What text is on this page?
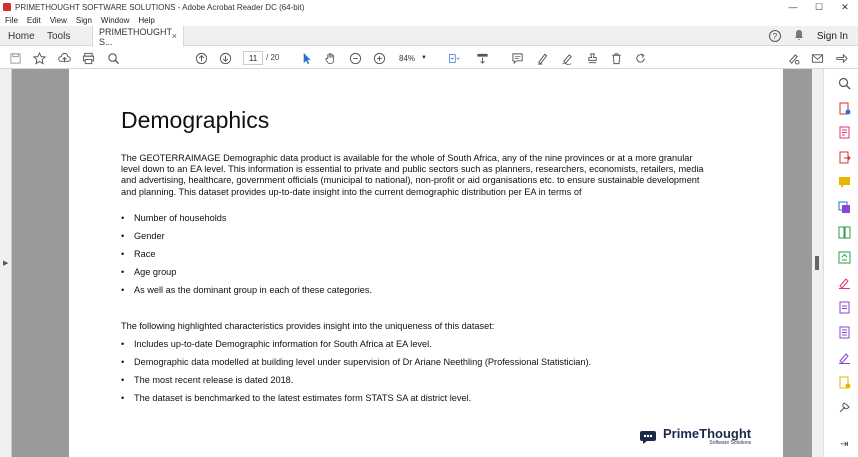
PRIMETHOUGHT SOFTWARE SOLUTIONS - Adobe Acrobat Reader DC (64-bit)	—	☐	✕
File Edit View Sign Window Help
Home Tools	PRIMETHOUGHT S...
×	?	Sign In
11	/ 20	84% ▼
▶
Demographics

The GEOTERRAIMAGE Demographic data product is available for the whole of South Africa, any of the nine provinces or at a more granular level down to an EA level. This information is essential to private and public sectors such as planners, researchers, economists, retailers, media and advertising, healthcare, government officials (municipal to national), non-profit or aid organisations etc. to ensure sustainable development and planning. This dataset provides up-to-date insight into the current demographic distribution per EA in terms of

• Number of households
• Gender
• Race
• Age group
• As well as the dominant group in each of these categories.

The following highlighted characteristics provides insight into the uniqueness of this dataset:

• Includes up-to-date Demographic information for South Africa at EA level.
• Demographic data modelled at building level under supervision of Dr Ariane Neethling (Professional Statistician).
• The most recent release is dated 2018.
• The dataset is benchmarked to the latest estimates form STATS SA at district level.
PrimeThought
Software Solutions	⇥
